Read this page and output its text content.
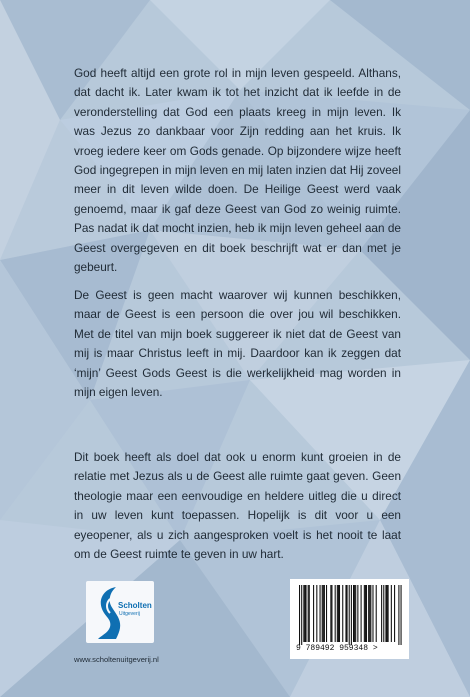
God heeft altijd een grote rol in mijn leven gespeeld. Althans, dat dacht ik. Later kwam ik tot het inzicht dat ik leefde in de veronderstelling dat God een plaats kreeg in mijn leven. Ik was Jezus zo dankbaar voor Zijn redding aan het kruis. Ik vroeg iedere keer om Gods genade. Op bijzondere wijze heeft God ingegrepen in mijn leven en mij laten inzien dat Hij zoveel meer in dit leven wilde doen. De Heilige Geest werd vaak genoemd, maar ik gaf deze Geest van God zo weinig ruimte. Pas nadat ik dat mocht inzien, heb ik mijn leven geheel aan de Geest overgegeven en dit boek beschrijft wat er dan met je gebeurt.

De Geest is geen macht waarover wij kunnen beschikken, maar de Geest is een persoon die over jou wil beschikken. Met de titel van mijn boek suggereer ik niet dat de Geest van mij is maar Christus leeft in mij. Daardoor kan ik zeggen dat ‘mijn’ Geest Gods Geest is die werkelijkheid mag worden in mijn eigen leven.

Dit boek heeft als doel dat ook u enorm kunt groeien in de relatie met Jezus als u de Geest alle ruimte gaat geven. Geen theologie maar een eenvoudige en heldere uitleg die u direct in uw leven kunt toepassen. Hopelijk is dit voor u een eyeopener, als u zich aangesproken voelt is het nooit te laat om de Geest ruimte te geven in uw hart.

Scholten

Uitgeverij

www.scholtenuitgeverij.nl

9 789492 959348 >
